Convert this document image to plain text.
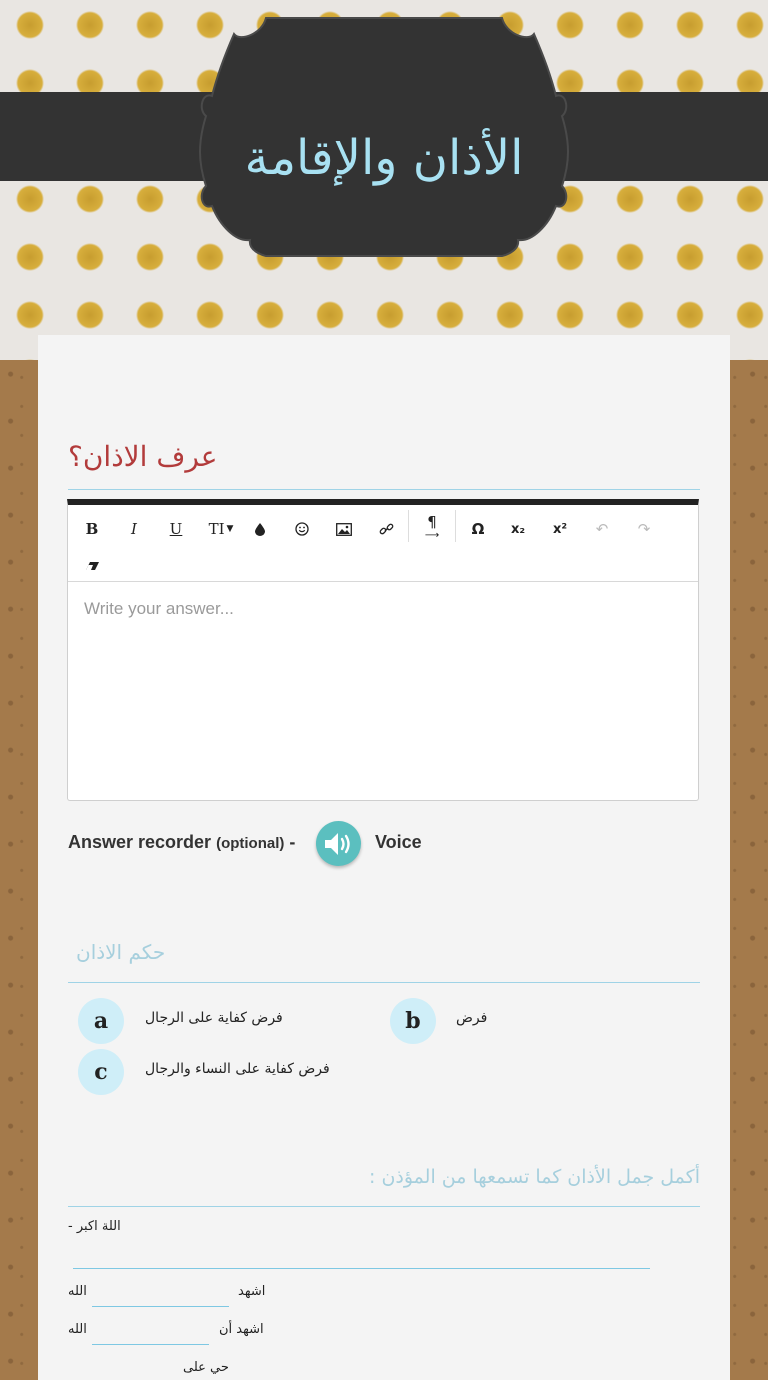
الأذان والإقامة
عرف الاذان؟
B	I	U	TI ▼	¶
⟶	Ω	x₂	x²	↶ ↷
Write your answer...
Answer recorder (optional) -	Voice
حكم الاذان
a	فرض كفاية على الرجال	b	فرض
c	فرض كفاية على النساء والرجال
أكمل جمل الأذان كما تسمعها من المؤذن :
اللة اكبر -
اشهد
الله
اشهد أن
الله
حي على
